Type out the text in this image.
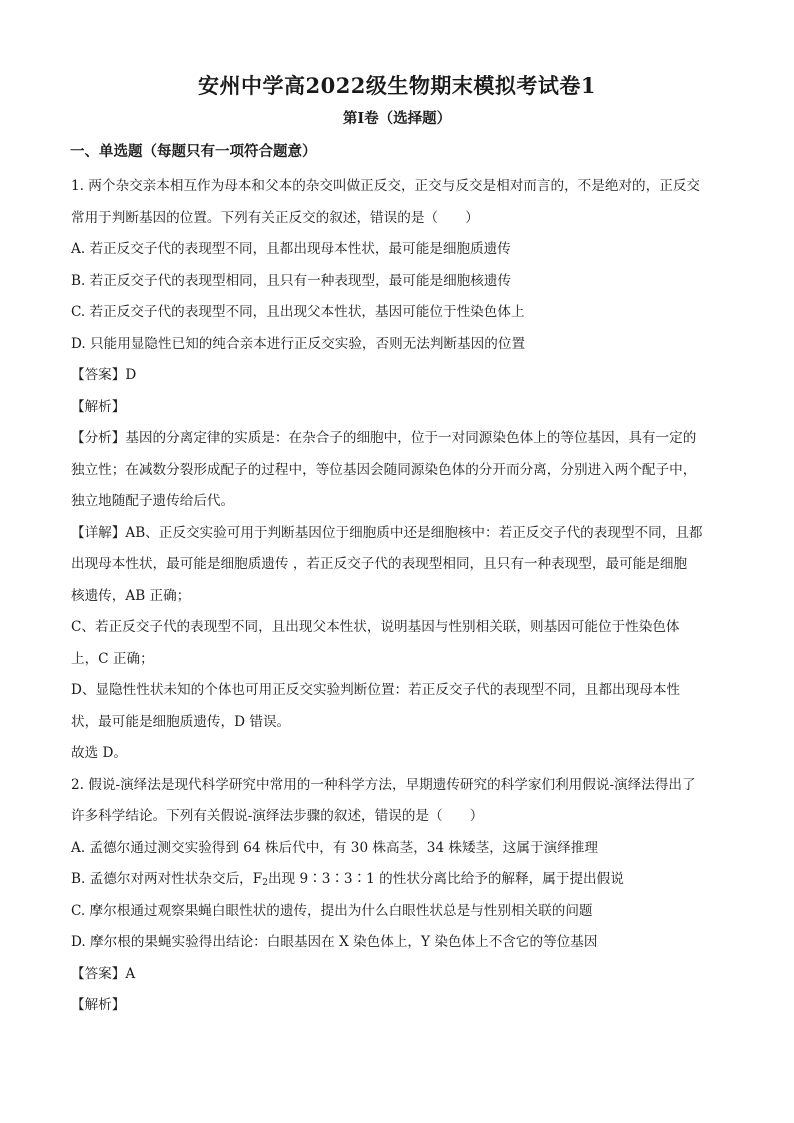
安州中学高2022级生物期末模拟考试卷1
第I卷（选择题）
一、单选题（每题只有一项符合题意）

1. 两个杂交亲本相互作为母本和父本的杂交叫做正反交，正交与反交是相对而言的，不是绝对的，正反交

常用于判断基因的位置。下列有关正反交的叙述，错误的是（　　）

A. 若正反交子代的表现型不同，且都出现母本性状，最可能是细胞质遗传

B. 若正反交子代的表现型相同，且只有一种表现型，最可能是细胞核遗传

C. 若正反交子代的表现型不同，且出现父本性状，基因可能位于性染色体上

D. 只能用显隐性已知的纯合亲本进行正反交实验，否则无法判断基因的位置

【答案】D

【解析】

【分析】基因的分离定律的实质是：在杂合子的细胞中，位于一对同源染色体上的等位基因，具有一定的

独立性；在减数分裂形成配子的过程中，等位基因会随同源染色体的分开而分离，分别进入两个配子中，

独立地随配子遗传给后代。

【详解】AB、正反交实验可用于判断基因位于细胞质中还是细胞核中：若正反交子代的表现型不同，且都

出现母本性状，最可能是细胞质遗传 ，若正反交子代的表现型相同，且只有一种表现型，最可能是细胞

核遗传，AB 正确；

C、若正反交子代的表现型不同，且出现父本性状，说明基因与性别相关联，则基因可能位于性染色体

上，C 正确；

D、显隐性性状未知的个体也可用正反交实验判断位置：若正反交子代的表现型不同，且都出现母本性

状，最可能是细胞质遗传，D 错误。

故选 D。

2. 假说-演绎法是现代科学研究中常用的一种科学方法，早期遗传研究的科学家们利用假说-演绎法得出了

许多科学结论。下列有关假说-演绎法步骤的叙述，错误的是（　　）

A. 孟德尔通过测交实验得到 64 株后代中，有 30 株高茎，34 株矮茎，这属于演绎推理

B. 孟德尔对两对性状杂交后，$F_2$出现 9∶3∶3∶1 的性状分离比给予的解释，属于提出假说

C. 摩尔根通过观察果蝇白眼性状的遗传，提出为什么白眼性状总是与性别相关联的问题

D. 摩尔根的果蝇实验得出结论：白眼基因在 X 染色体上，Y 染色体上不含它的等位基因

【答案】A

【解析】
